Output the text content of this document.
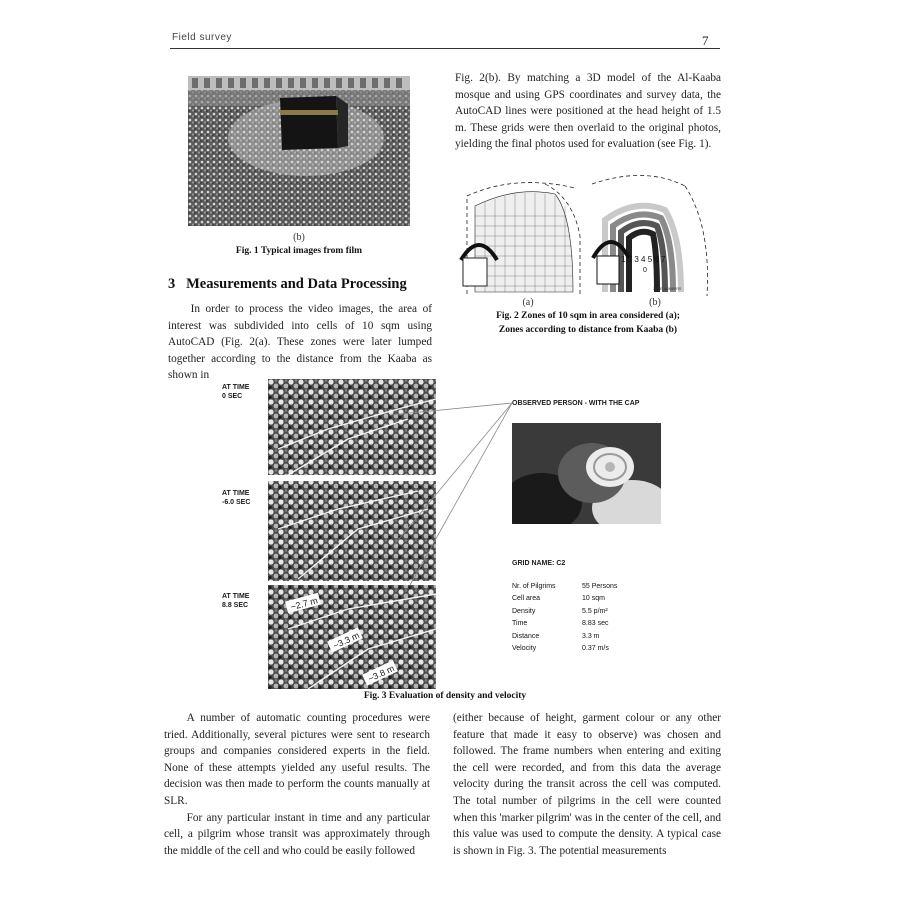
Field survey	7
(b)
Fig. 1 Typical images from film
3 Measurements and Data Processing

In order to process the video images, the area of interest was subdivided into cells of 10 sqm using AutoCAD (Fig. 2(a). These zones were later lumped together according to the distance from the Kaaba as shown in

Fig. 2(b). By matching a 3D model of the Al-Kaaba mosque and using GPS coordinates and survey data, the AutoCAD lines were positioned at the head height of 1.5 m. These grids were then overlaid to the original photos, yielding the final photos used for evaluation (see Fig. 1).
1 2 3 4 5 6 7
0
ZONE NUMBERS
(a)	(b)
Fig. 2 Zones of 10 sqm in area considered (a);
Zones according to distance from Kaaba (b)
AT TIME
0 SEC
AT TIME
-6.0 SEC
AT TIME
8.8 SEC	~2.7 m
~3.3 m
~3.8 m
OBSERVED PERSON - WITH THE CAP
GRID NAME: C2
Nr. of Pilgrims	55 Persons
Cell area	10 sqm
Density	5.5 p/m²
Time	8.83 sec
Distance	3.3 m
Velocity	0.37 m/s
Fig. 3 Evaluation of density and velocity

A number of automatic counting procedures were tried. Additionally, several pictures were sent to research groups and companies considered experts in the field. None of these attempts yielded any useful results. The decision was then made to perform the counts manually at SLR.

For any particular instant in time and any particular cell, a pilgrim whose transit was approximately through the middle of the cell and who could be easily followed

(either because of height, garment colour or any other feature that made it easy to observe) was chosen and followed. The frame numbers when entering and exiting the cell were recorded, and from this data the average velocity during the transit across the cell was computed. The total number of pilgrims in the cell were counted when this 'marker pilgrim' was in the center of the cell, and this value was used to compute the density. A typical case is shown in Fig. 3. The potential measurements
